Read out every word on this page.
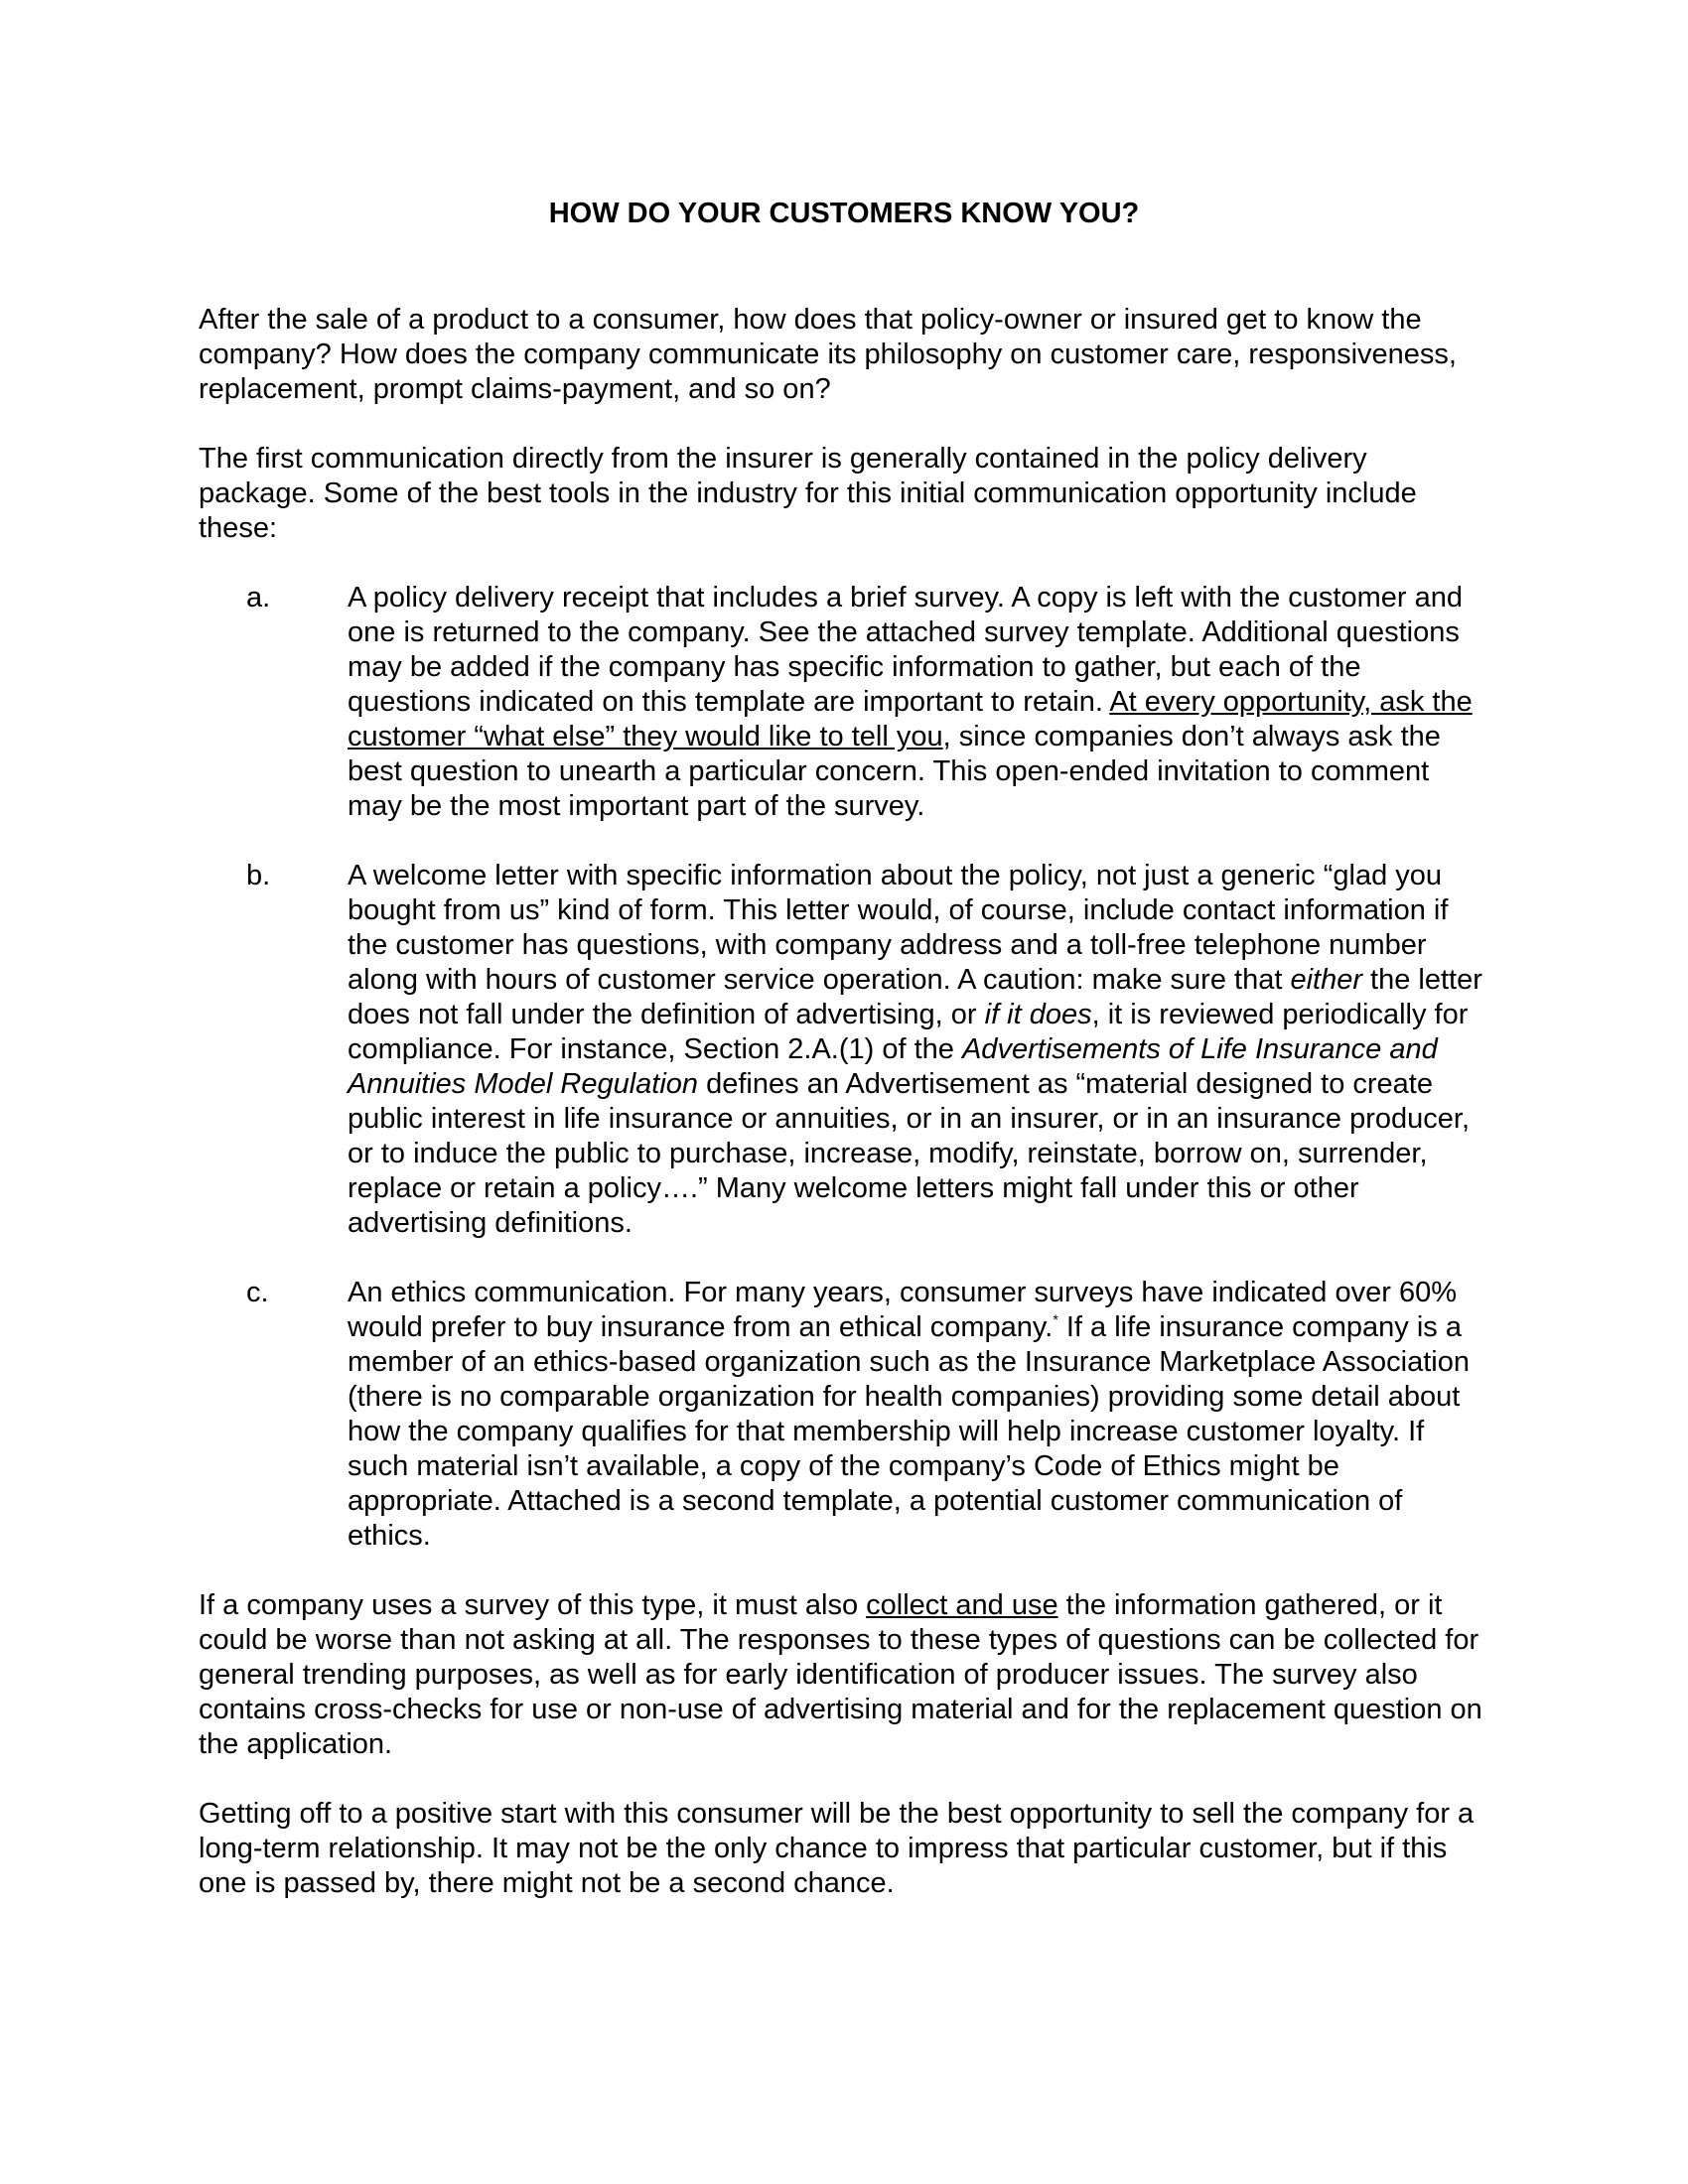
HOW DO YOUR CUSTOMERS KNOW YOU?

After the sale of a product to a consumer, how does that policy-owner or insured get to know the company? How does the company communicate its philosophy on customer care, responsiveness, replacement, prompt claims-payment, and so on?

The first communication directly from the insurer is generally contained in the policy delivery package. Some of the best tools in the industry for this initial communication opportunity include these:

a.	A policy delivery receipt that includes a brief survey. A copy is left with the customer and one is returned to the company. See the attached survey template. Additional questions may be added if the company has specific information to gather, but each of the questions indicated on this template are important to retain. At every opportunity, ask the customer “what else” they would like to tell you, since companies don’t always ask the best question to unearth a particular concern. This open-ended invitation to comment may be the most important part of the survey.
b.	A welcome letter with specific information about the policy, not just a generic “glad you bought from us” kind of form. This letter would, of course, include contact information if the customer has questions, with company address and a toll-free telephone number along with hours of customer service operation. A caution: make sure that either the letter does not fall under the definition of advertising, or if it does, it is reviewed periodically for compliance. For instance, Section 2.A.(1) of the Advertisements of Life Insurance and Annuities Model Regulation defines an Advertisement as “material designed to create public interest in life insurance or annuities, or in an insurer, or in an insurance producer, or to induce the public to purchase, increase, modify, reinstate, borrow on, surrender, replace or retain a policy….” Many welcome letters might fall under this or other advertising definitions.
c.	An ethics communication. For many years, consumer surveys have indicated over 60% would prefer to buy insurance from an ethical company.* If a life insurance company is a member of an ethics-based organization such as the Insurance Marketplace Association (there is no comparable organization for health companies) providing some detail about how the company qualifies for that membership will help increase customer loyalty. If such material isn’t available, a copy of the company’s Code of Ethics might be appropriate. Attached is a second template, a potential customer communication of ethics.

If a company uses a survey of this type, it must also collect and use the information gathered, or it could be worse than not asking at all. The responses to these types of questions can be collected for general trending purposes, as well as for early identification of producer issues. The survey also contains cross-checks for use or non-use of advertising material and for the replacement question on the application.

Getting off to a positive start with this consumer will be the best opportunity to sell the company for a long-term relationship. It may not be the only chance to impress that particular customer, but if this one is passed by, there might not be a second chance.
